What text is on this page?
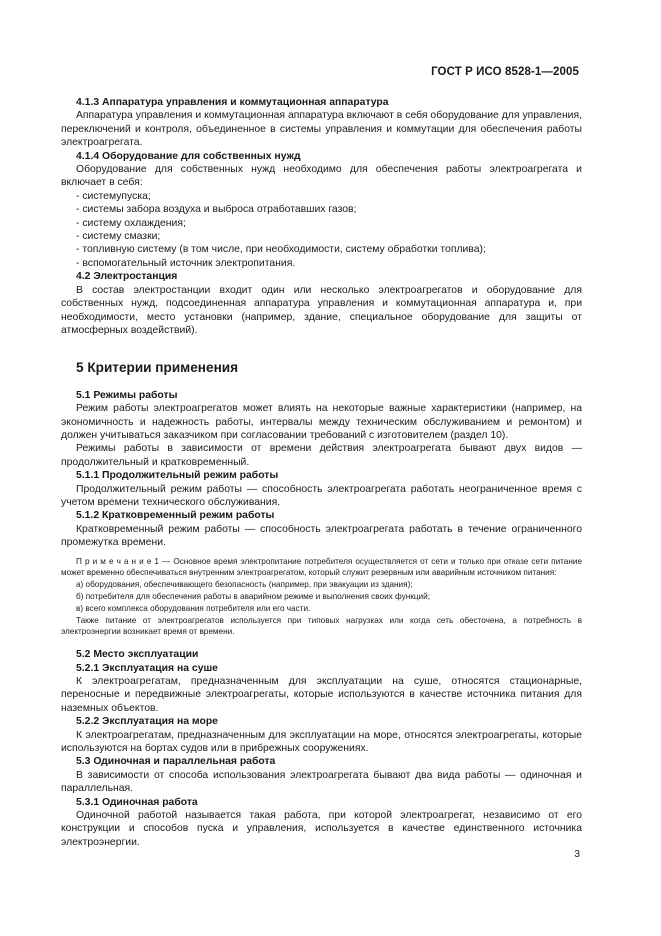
ГОСТ Р ИСО 8528-1—2005

4.1.3 Аппаратура управления и коммутационная аппаратура

Аппаратура управления и коммутационная аппаратура включают в себя оборудование для управления, переключений и контроля, объединенное в системы управления и коммутации для обеспечения работы электроагрегата.

4.1.4 Оборудование для собственных нужд

Оборудование для собственных нужд необходимо для обеспечения работы электроагрегата и включает в себя:

- системупуска;

- системы забора воздуха и выброса отработавших газов;

- систему охлаждения;

- систему смазки;

- топливную систему (в том числе, при необходимости, систему обработки топлива);

- вспомогательный источник электропитания.

4.2 Электростанция

В состав электростанции входит один или несколько электроагрегатов и оборудование для собственных нужд, подсоединенная аппаратура управления и коммутационная аппаратура и, при необходимости, место установки (например, здание, специальное оборудование для защиты от атмосферных воздействий).

5 Критерии применения

5.1 Режимы работы

Режим работы электроагрегатов может влиять на некоторые важные характеристики (например, на экономичность и надежность работы, интервалы между техническим обслуживанием и ремонтом) и должен учитываться заказчиком при согласовании требований с изготовителем (раздел 10).

Режимы работы в зависимости от времени действия электроагрегата бывают двух видов — продолжительный и кратковременный.

5.1.1 Продолжительный режим работы

Продолжительный режим работы — способность электроагрегата работать неограниченное время с учетом времени технического обслуживания.

5.1.2 Кратковременный режим работы

Кратковременный режим работы — способность электроагрегата работать в течение ограниченного промежутка времени.

П р и м е ч а н и е 1 — Основное время электропитание потребителя осуществляется от сети и только при отказе сети питание может временно обеспечиваться внутренним электроагрегатом, который служит резервным или аварийным источником питания:

а) оборудования, обеспечивающего безопасность (например, при эвакуации из здания);

б) потребителя для обеспечения работы в аварийном режиме и выполнения своих функций;

в) всего комплекса оборудования потребителя или его части.

Также питание от электроагрегатов используется при типовых нагрузках или когда сеть обесточена, а потребность в электроэнергии возникает время от времени.

5.2 Место эксплуатации

5.2.1 Эксплуатация на суше

К электроагрегатам, предназначенным для эксплуатации на суше, относятся стационарные, переносные и передвижные электроагрегаты, которые используются в качестве источника питания для наземных объектов.

5.2.2 Эксплуатация на море

К электроагрегатам, предназначенным для эксплуатации на море, относятся электроагрегаты, которые используются на бортах судов или в прибрежных сооружениях.

5.3 Одиночная и параллельная работа

В зависимости от способа использования электроагрегата бывают два вида работы — одиночная и параллельная.

5.3.1 Одиночная работа

Одиночной работой называется такая работа, при которой электроагрегат, независимо от его конструкции и способов пуска и управления, используется в качестве единственного источника электроэнергии.

3
